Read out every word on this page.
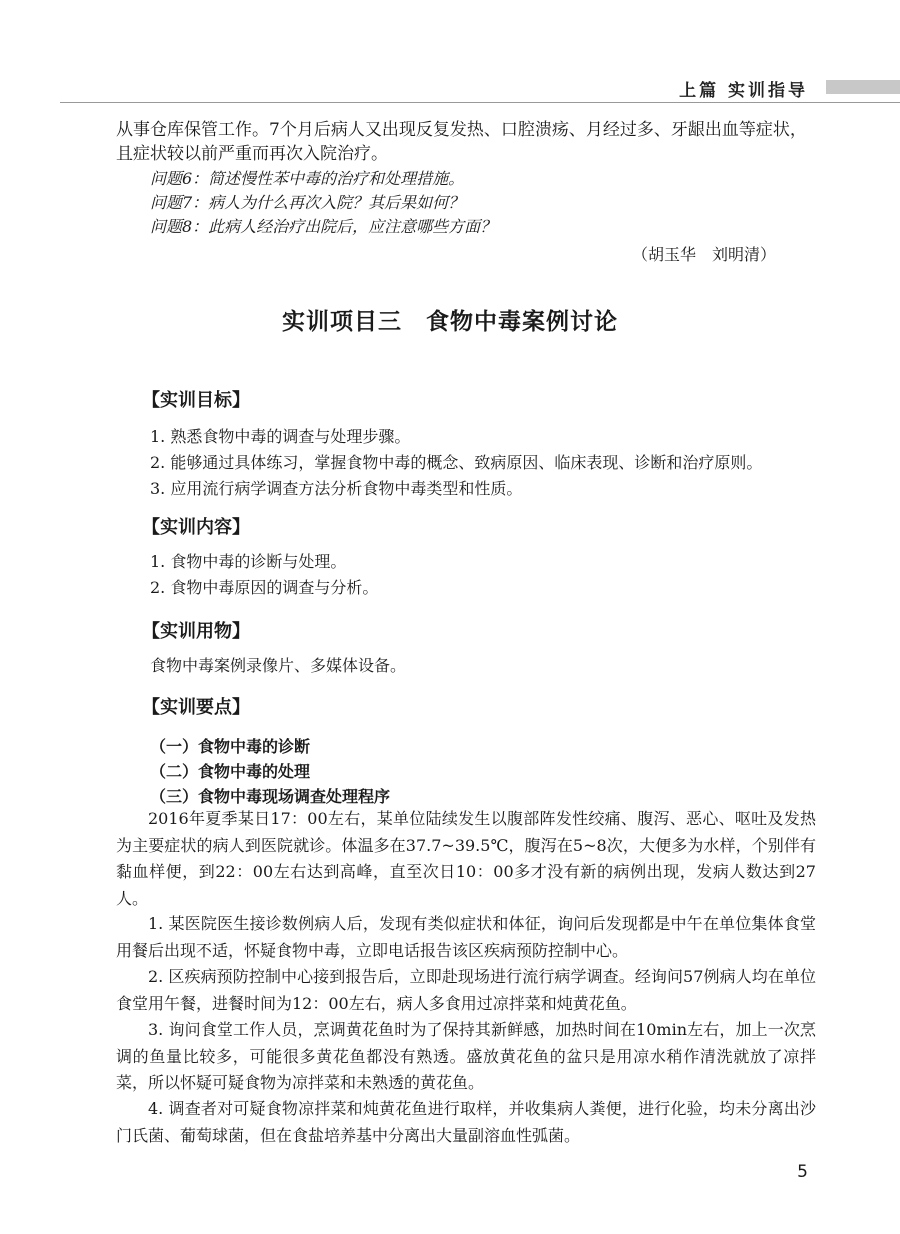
上篇 实训指导

从事仓库保管工作。7个月后病人又出现反复发热、口腔溃疡、月经过多、牙龈出血等症状，且症状较以前严重而再次入院治疗。

问题6：简述慢性苯中毒的治疗和处理措施。

问题7：病人为什么再次入院？其后果如何？

问题8：此病人经治疗出院后，应注意哪些方面？

（胡玉华　刘明清）
实训项目三　食物中毒案例讨论
【实训目标】

1. 熟悉食物中毒的调查与处理步骤。

2. 能够通过具体练习，掌握食物中毒的概念、致病原因、临床表现、诊断和治疗原则。

3. 应用流行病学调查方法分析食物中毒类型和性质。

【实训内容】

1. 食物中毒的诊断与处理。

2. 食物中毒原因的调查与分析。

【实训用物】

食物中毒案例录像片、多媒体设备。

【实训要点】
（一）食物中毒的诊断
（二）食物中毒的处理
（三）食物中毒现场调查处理程序

2016年夏季某日17：00左右，某单位陆续发生以腹部阵发性绞痛、腹泻、恶心、呕吐及发热为主要症状的病人到医院就诊。体温多在37.7~39.5℃，腹泻在5~8次，大便多为水样，个别伴有黏血样便，到22：00左右达到高峰，直至次日10：00多才没有新的病例出现，发病人数达到27人。

1. 某医院医生接诊数例病人后，发现有类似症状和体征，询问后发现都是中午在单位集体食堂用餐后出现不适，怀疑食物中毒，立即电话报告该区疾病预防控制中心。

2. 区疾病预防控制中心接到报告后，立即赴现场进行流行病学调查。经询问57例病人均在单位食堂用午餐，进餐时间为12：00左右，病人多食用过凉拌菜和炖黄花鱼。

3. 询问食堂工作人员，烹调黄花鱼时为了保持其新鲜感，加热时间在10min左右，加上一次烹调的鱼量比较多，可能很多黄花鱼都没有熟透。盛放黄花鱼的盆只是用凉水稍作清洗就放了凉拌菜，所以怀疑可疑食物为凉拌菜和未熟透的黄花鱼。

4. 调查者对可疑食物凉拌菜和炖黄花鱼进行取样，并收集病人粪便，进行化验，均未分离出沙门氏菌、葡萄球菌，但在食盐培养基中分离出大量副溶血性弧菌。

5
